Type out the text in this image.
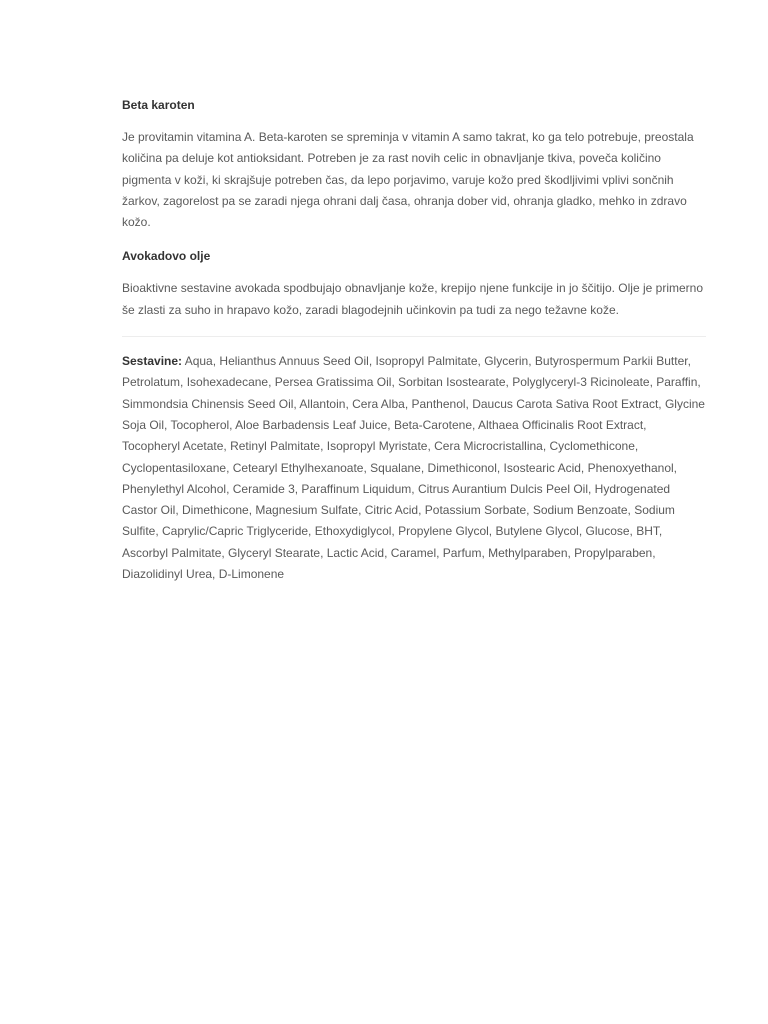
Beta karoten

Je provitamin vitamina A. Beta-karoten se spreminja v vitamin A samo takrat, ko ga telo potrebuje, preostala količina pa deluje kot antioksidant. Potreben je za rast novih celic in obnavljanje tkiva, poveča količino pigmenta v koži, ki skrajšuje potreben čas, da lepo porjavimo, varuje kožo pred škodljivimi vplivi sončnih žarkov, zagorelost pa se zaradi njega ohrani dalj časa, ohranja dober vid, ohranja gladko, mehko in zdravo kožo.

Avokadovo olje

Bioaktivne sestavine avokada spodbujajo obnavljanje kože, krepijo njene funkcije in jo ščitijo. Olje je primerno še zlasti za suho in hrapavo kožo, zaradi blagodejnih učinkovin pa tudi za nego težavne kože.

Sestavine: Aqua, Helianthus Annuus Seed Oil, Isopropyl Palmitate, Glycerin, Butyrospermum Parkii Butter, Petrolatum, Isohexadecane, Persea Gratissima Oil, Sorbitan Isostearate, Polyglyceryl-3 Ricinoleate, Paraffin, Simmondsia Chinensis Seed Oil, Allantoin, Cera Alba, Panthenol, Daucus Carota Sativa Root Extract, Glycine Soja Oil, Tocopherol, Aloe Barbadensis Leaf Juice, Beta-Carotene, Althaea Officinalis Root Extract, Tocopheryl Acetate, Retinyl Palmitate, Isopropyl Myristate, Cera Microcristallina, Cyclomethicone, Cyclopentasiloxane, Cetearyl Ethylhexanoate, Squalane, Dimethiconol, Isostearic Acid, Phenoxyethanol, Phenylethyl Alcohol, Ceramide 3, Paraffinum Liquidum, Citrus Aurantium Dulcis Peel Oil, Hydrogenated Castor Oil, Dimethicone, Magnesium Sulfate, Citric Acid, Potassium Sorbate, Sodium Benzoate, Sodium Sulfite, Caprylic/Capric Triglyceride, Ethoxydiglycol, Propylene Glycol, Butylene Glycol, Glucose, BHT, Ascorbyl Palmitate, Glyceryl Stearate, Lactic Acid, Caramel, Parfum, Methylparaben, Propylparaben, Diazolidinyl Urea, D-Limonene
